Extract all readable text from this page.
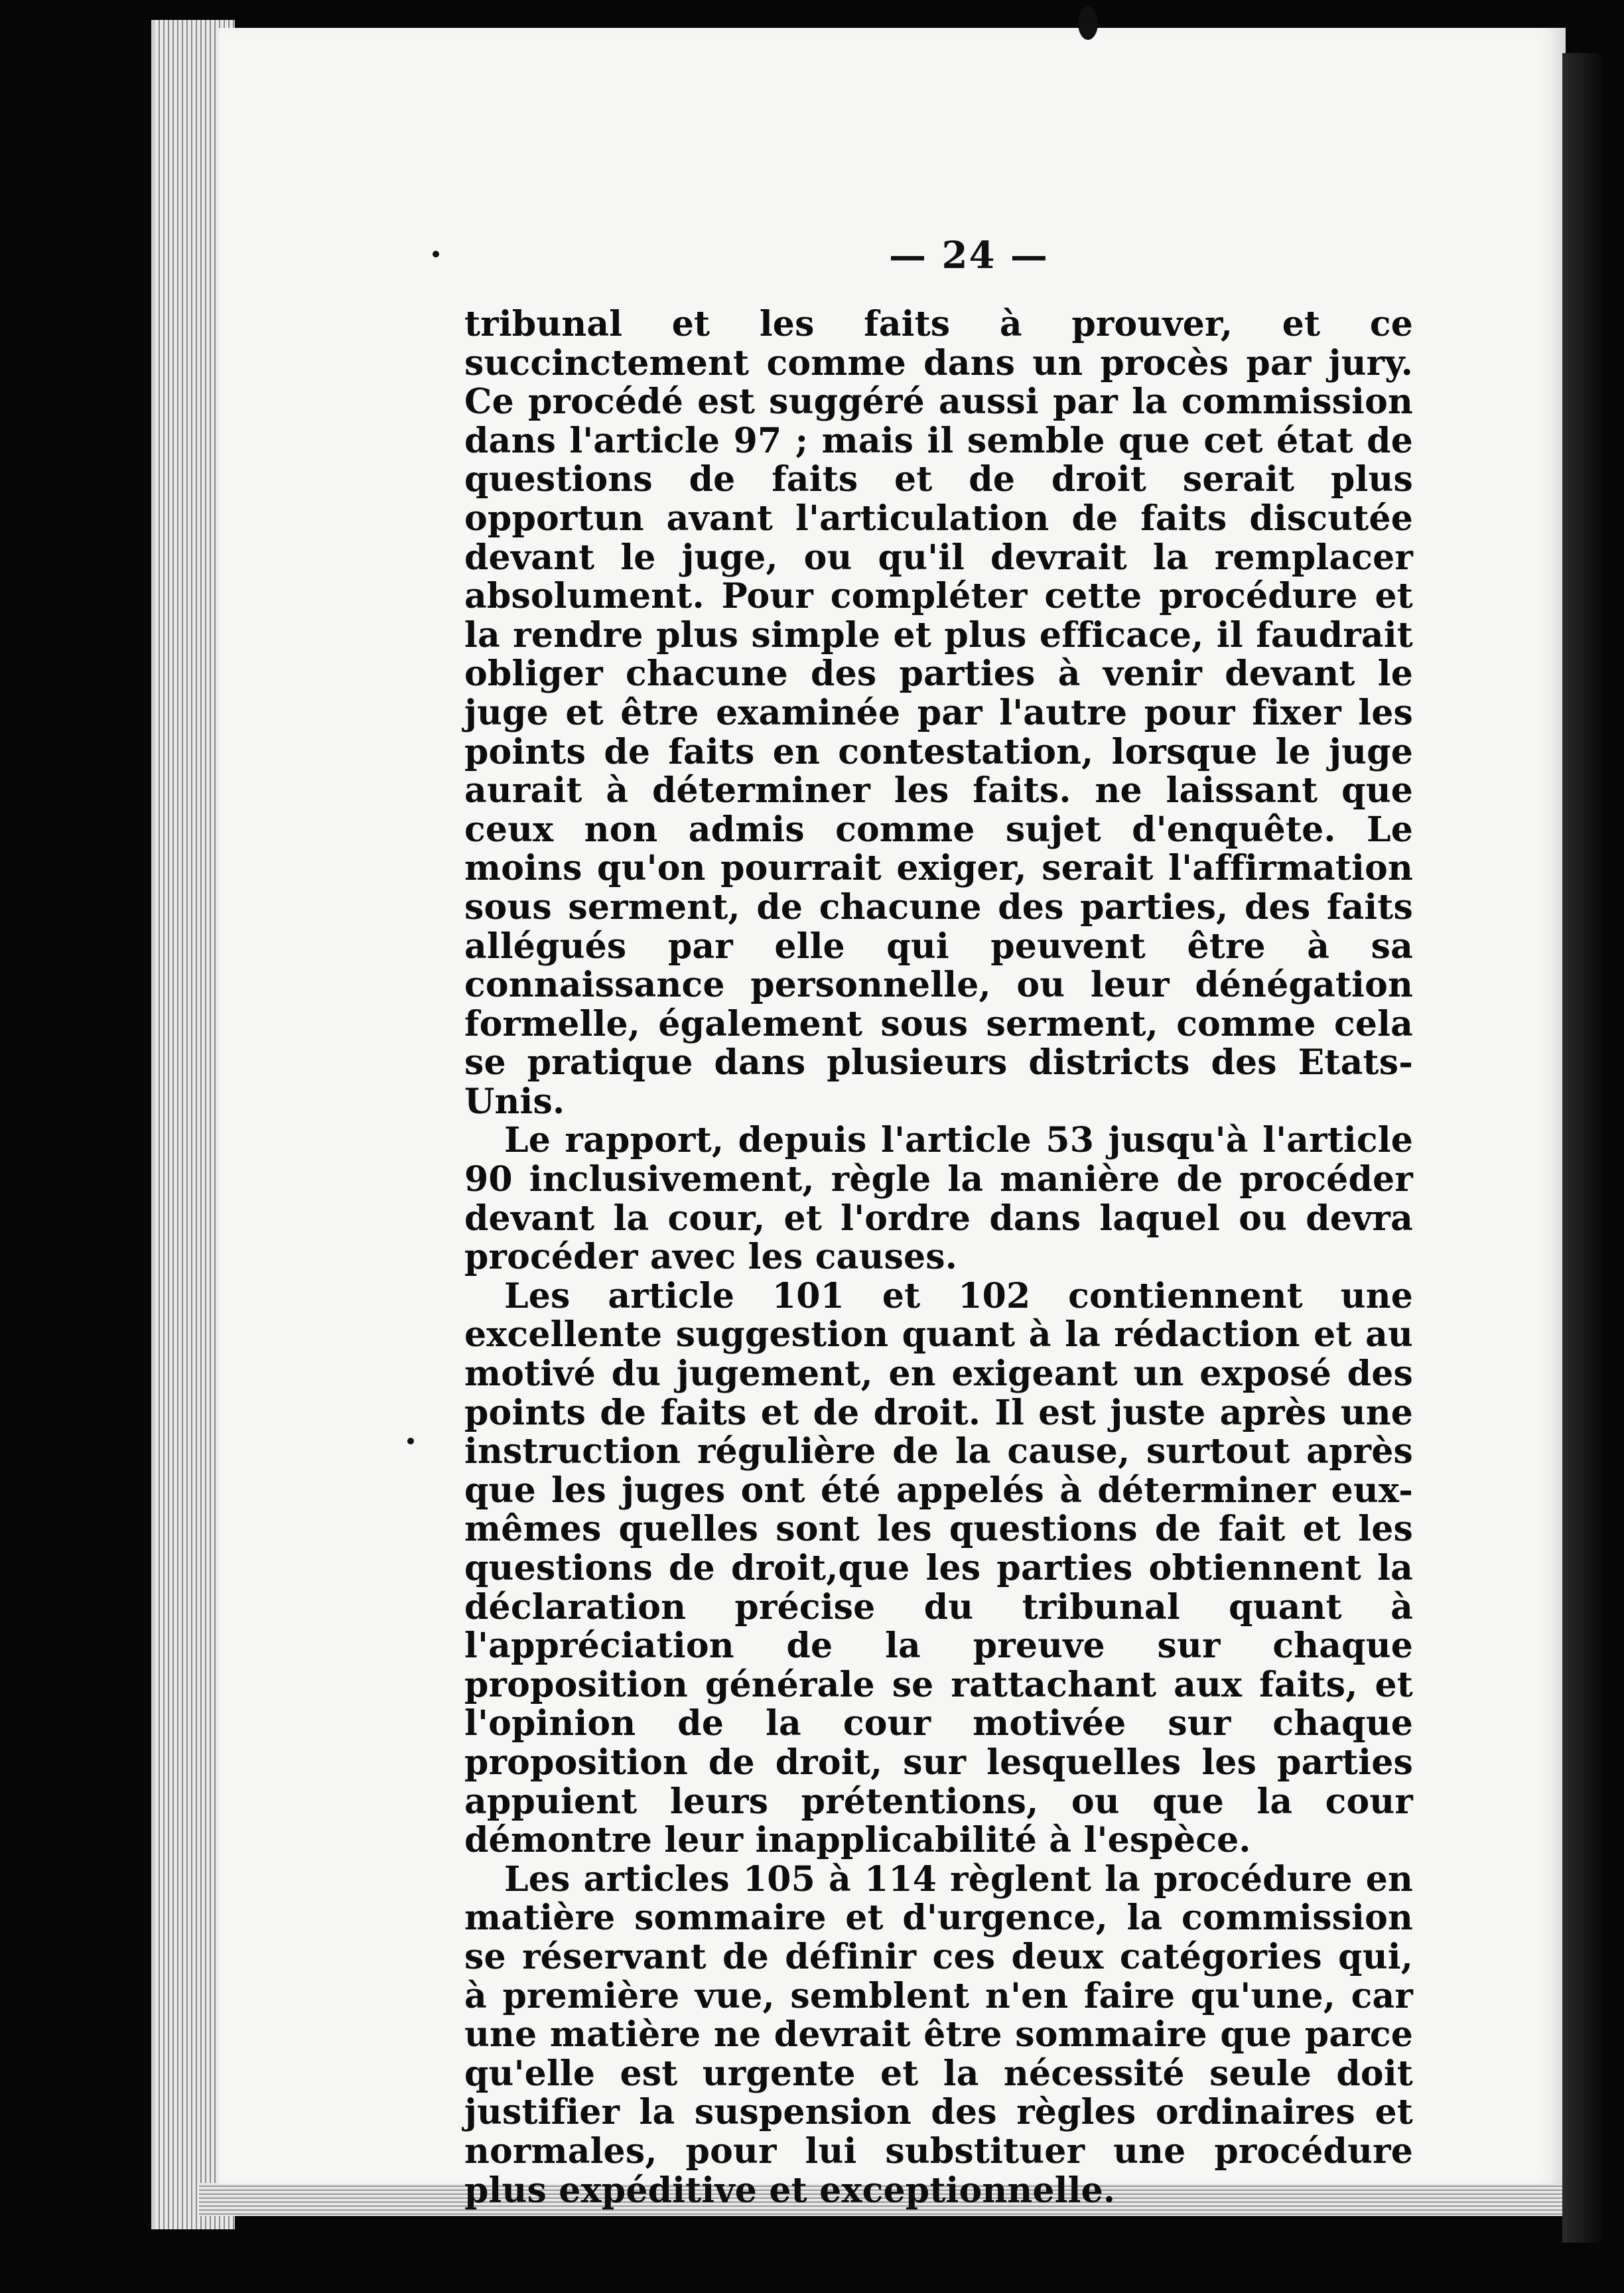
— 24 —

tribunal et les faits à prouver, et ce succinctement comme dans un procès par jury. Ce procédé est suggéré aussi par la commission dans l'article 97 ; mais il semble que cet état de questions de faits et de droit serait plus opportun avant l'articulation de faits discutée devant le juge, ou qu'il devrait la remplacer absolument. Pour compléter cette procédure et la rendre plus simple et plus efficace, il faudrait obliger chacune des parties à venir devant le juge et être examinée par l'autre pour fixer les points de faits en contestation, lorsque le juge aurait à déterminer les faits. ne laissant que ceux non admis comme sujet d'enquête. Le moins qu'on pourrait exiger, serait l'affirmation sous serment, de chacune des parties, des faits allégués par elle qui peuvent être à sa connaissance personnelle, ou leur dénégation formelle, également sous serment, comme cela se pratique dans plusieurs districts des Etats-Unis.

Le rapport, depuis l'article 53 jusqu'à l'article 90 inclusivement, règle la manière de procéder devant la cour, et l'ordre dans laquel ou devra procéder avec les causes.

Les article 101 et 102 contiennent une excellente suggestion quant à la rédaction et au motivé du jugement, en exigeant un exposé des points de faits et de droit. Il est juste après une instruction régulière de la cause, surtout après que les juges ont été appelés à déterminer eux-mêmes quelles sont les questions de fait et les questions de droit,que les parties obtiennent la déclaration précise du tribunal quant à l'appréciation de la preuve sur chaque proposition générale se rattachant aux faits, et l'opinion de la cour motivée sur chaque proposition de droit, sur lesquelles les parties appuient leurs prétentions, ou que la cour démontre leur inapplicabilité à l'espèce.

Les articles 105 à 114 règlent la procédure en matière sommaire et d'urgence, la commission se réservant de définir ces deux catégories qui, à première vue, semblent n'en faire qu'une, car une matière ne devrait être sommaire que parce qu'elle est urgente et la nécessité seule doit justifier la suspension des règles ordinaires et normales, pour lui substituer une procédure plus expéditive et exceptionnelle.
